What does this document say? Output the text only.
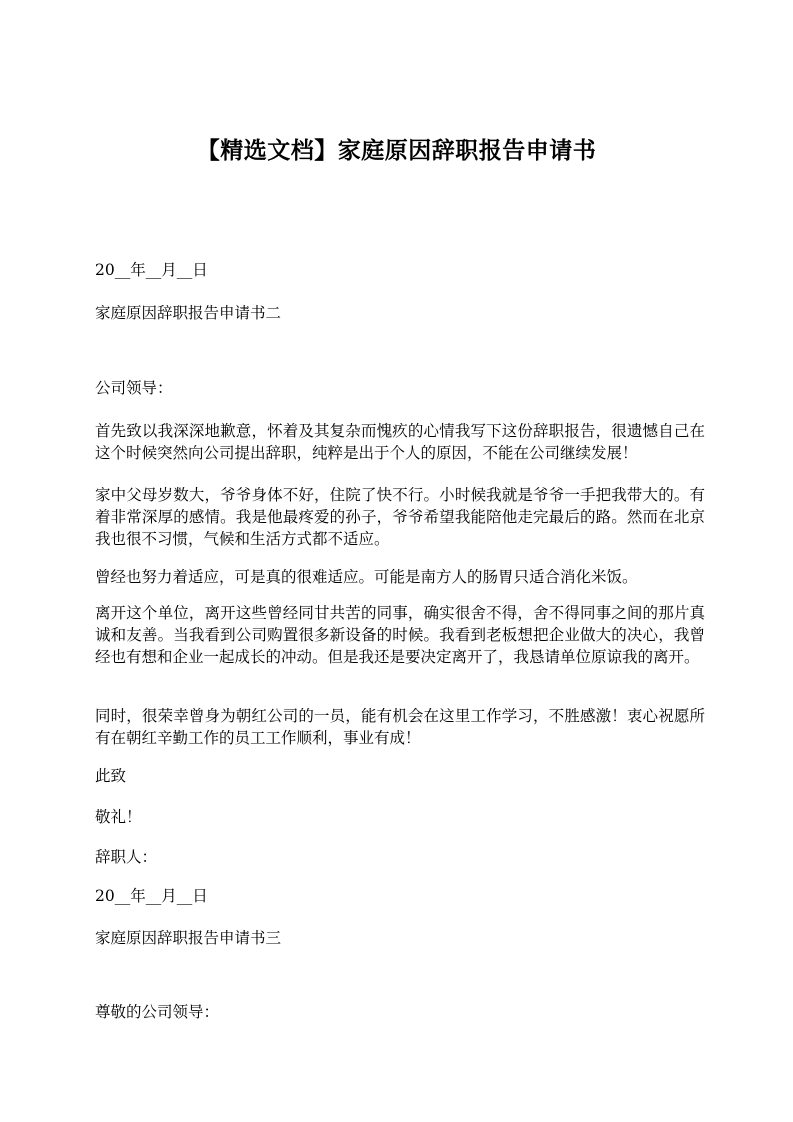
【精选文档】家庭原因辞职报告申请书

20__年__月__日

家庭原因辞职报告申请书二

公司领导：

首先致以我深深地歉意，怀着及其复杂而愧疚的心情我写下这份辞职报告，很遗憾自己在这个时候突然向公司提出辞职，纯粹是出于个人的原因，不能在公司继续发展！

家中父母岁数大，爷爷身体不好，住院了快不行。小时候我就是爷爷一手把我带大的。有着非常深厚的感情。我是他最疼爱的孙子，爷爷希望我能陪他走完最后的路。然而在北京我也很不习惯，气候和生活方式都不适应。

曾经也努力着适应，可是真的很难适应。可能是南方人的肠胃只适合消化米饭。

离开这个单位，离开这些曾经同甘共苦的同事，确实很舍不得，舍不得同事之间的那片真诚和友善。当我看到公司购置很多新设备的时候。我看到老板想把企业做大的决心，我曾经也有想和企业一起成长的冲动。但是我还是要决定离开了，我恳请单位原谅我的离开。

同时，很荣幸曾身为朝红公司的一员，能有机会在这里工作学习，不胜感激！衷心祝愿所有在朝红辛勤工作的员工工作顺利，事业有成！

此致

敬礼！

辞职人：

20__年__月__日

家庭原因辞职报告申请书三

尊敬的公司领导：
